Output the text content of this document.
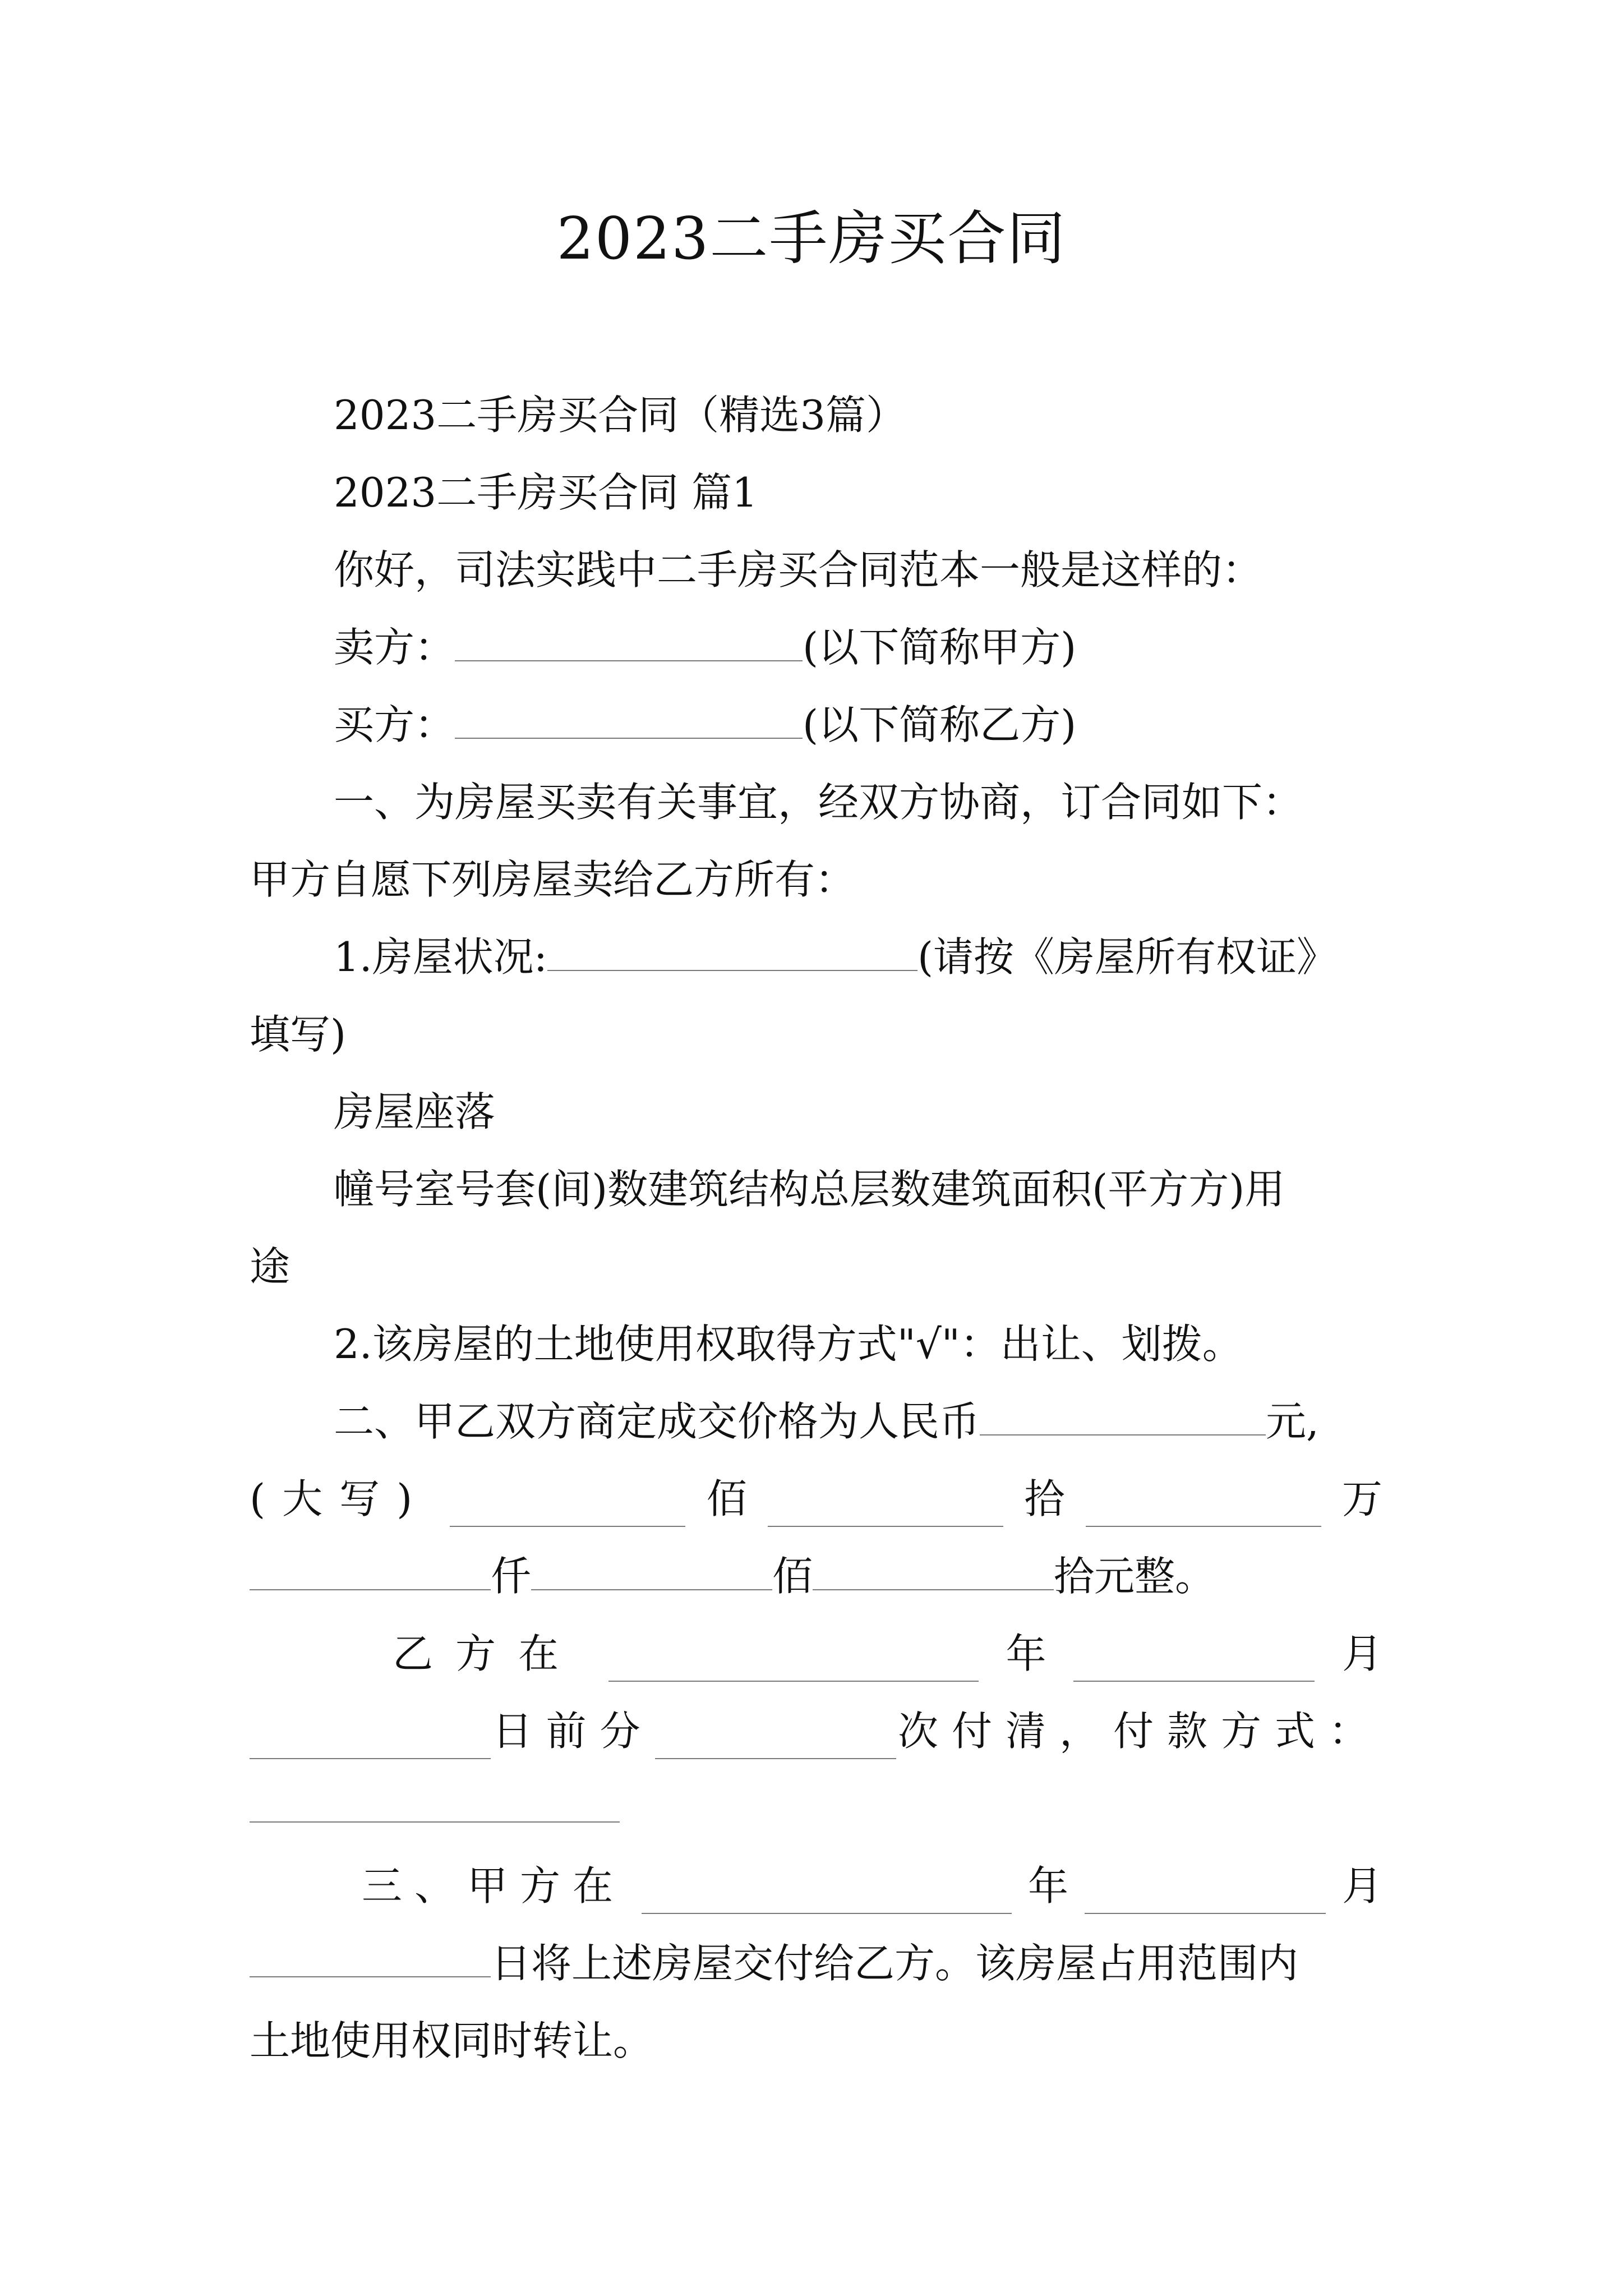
2023二手房买合同
2023二手房买合同（精选3篇）
2023二手房买合同 篇1
你好，司法实践中二手房买合同范本一般是这样的：
卖方：	(以下简称甲方)
买方：	(以下简称乙方)
一、为房屋买卖有关事宜，经双方协商，订合同如下：
甲方自愿下列房屋卖给乙方所有：
1.房屋状况:	(请按《房屋所有权证》
填写)
房屋座落
幢号室号套(间)数建筑结构总层数建筑面积(平方方)用
途
2.该房屋的土地使用权取得方式"√"：出让、划拨。
二、甲乙双方商定成交价格为人民币	元,
(大写)	佰	拾	万
仟	佰	拾元整。
乙方在	年	月
日前分	次付清，付款方式：
三、甲方在	年	月
日将上述房屋交付给乙方。该房屋占用范围内
土地使用权同时转让。
